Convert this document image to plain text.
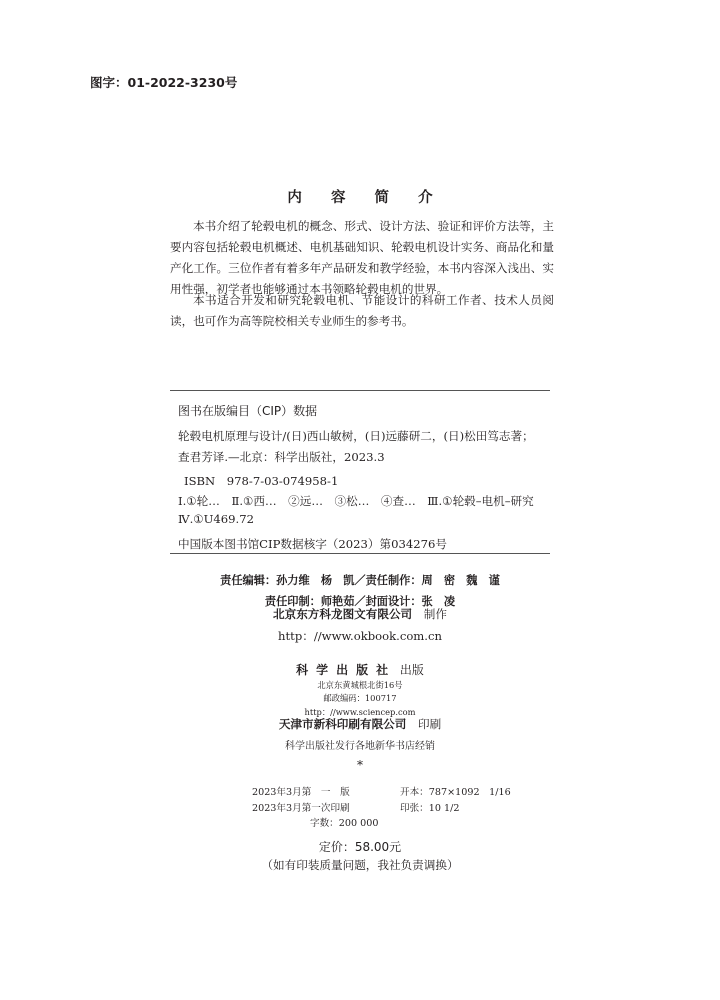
图字：01-2022-3230号
内 容 简 介

本书介绍了轮毂电机的概念、形式、设计方法、验证和评价方法等，主要内容包括轮毂电机概述、电机基础知识、轮毂电机设计实务、商品化和量产化工作。三位作者有着多年产品研发和教学经验，本书内容深入浅出、实用性强，初学者也能够通过本书领略轮毂电机的世界。

本书适合开发和研究轮毂电机、节能设计的科研工作者、技术人员阅读，也可作为高等院校相关专业师生的参考书。

图书在版编目（CIP）数据
轮毂电机原理与设计/(日)西山敏树，(日)远藤研二，(日)松田笃志著；
查君芳译.—北京：科学出版社，2023.3
ISBN　978-7-03-074958-1
Ⅰ.①轮…　Ⅱ.①西…　②远…　③松…　④查…　Ⅲ.①轮毂–电机–研究
Ⅳ.①U469.72
中国版本图书馆CIP数据核字（2023）第034276号
责任编辑：孙力维　杨　凯／责任制作：周　密　魏　谨
责任印制：师艳茹／封面设计：张　凌
北京东方科龙图文有限公司　 制作
http：//www.okbook.com.cn
科学出版社 出版
北京东黄城根北街16号
邮政编码：100717
http：//www.sciencep.com
天津市新科印刷有限公司　 印刷
科学出版社发行各地新华书店经销
*
2023年3月第　一　版	开本：787×1092　1/16
2023年3月第一次印刷	印张：10 1/2
字数：200 000
定价：58.00元
（如有印装质量问题，我社负责调换）
